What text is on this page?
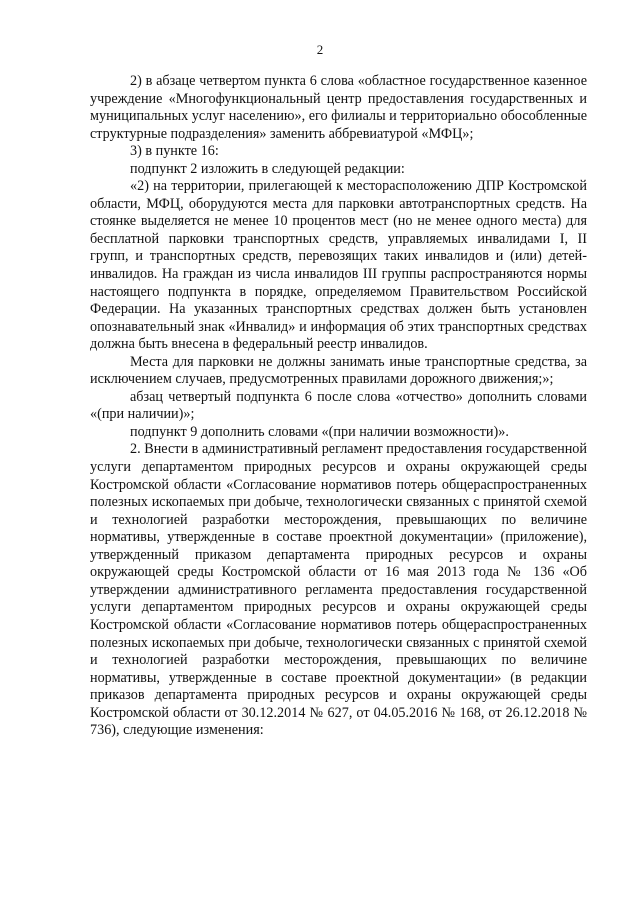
2

2) в абзаце четвертом пункта 6 слова «областное государственное казенное учреждение «Многофункциональный центр предоставления государственных и муниципальных услуг населению», его филиалы и территориально обособленные структурные подразделения» заменить аббревиатурой «МФЦ»;

3) в пункте 16:

подпункт 2 изложить в следующей редакции:

«2) на территории, прилегающей к месторасположению ДПР Костромской области, МФЦ, оборудуются места для парковки автотранспортных средств. На стоянке выделяется не менее 10 процентов мест (но не менее одного места) для бесплатной парковки транспортных средств, управляемых инвалидами I, II групп, и транспортных средств, перевозящих таких инвалидов и (или) детей-инвалидов. На граждан из числа инвалидов III группы распространяются нормы настоящего подпункта в порядке, определяемом Правительством Российской Федерации. На указанных транспортных средствах должен быть установлен опознавательный знак «Инвалид» и информация об этих транспортных средствах должна быть внесена в федеральный реестр инвалидов.

Места для парковки не должны занимать иные транспортные средства, за исключением случаев, предусмотренных правилами дорожного движения;»;

абзац четвертый подпункта 6 после слова «отчество» дополнить словами «(при наличии)»;

подпункт 9 дополнить словами «(при наличии возможности)».

2. Внести в административный регламент предоставления государственной услуги департаментом природных ресурсов и охраны окружающей среды Костромской области «Согласование нормативов потерь общераспространенных полезных ископаемых при добыче, технологически связанных с принятой схемой и технологией разработки месторождения, превышающих по величине нормативы, утвержденные в составе проектной документации» (приложение), утвержденный приказом департамента природных ресурсов и охраны окружающей среды Костромской области от 16 мая 2013 года № 136 «Об утверждении административного регламента предоставления государственной услуги департаментом природных ресурсов и охраны окружающей среды Костромской области «Согласование нормативов потерь общераспространенных полезных ископаемых при добыче, технологически связанных с принятой схемой и технологией разработки месторождения, превышающих по величине нормативы, утвержденные в составе проектной документации» (в редакции приказов департамента природных ресурсов и охраны окружающей среды Костромской области от 30.12.2014 № 627, от 04.05.2016 № 168, от 26.12.2018 № 736), следующие изменения:
